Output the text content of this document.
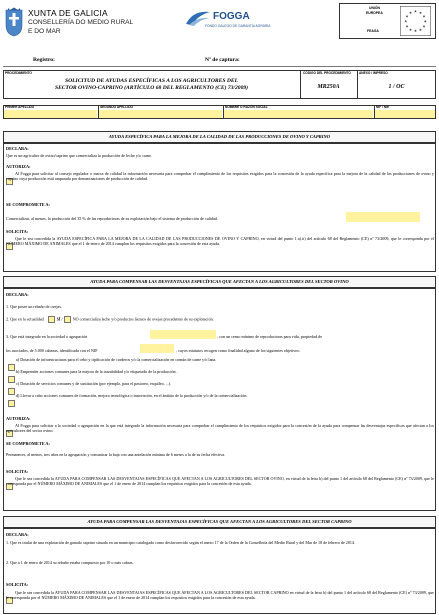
XUNTA DE GALICIA
CONSELLERÍA DO MEDIO RURAL
E DO MAR
FOGGA
FONDO GALEGO DE GARANTÍA AGRARIA
UNIÓN
EUROPEA
FEAGA
★ ★
★
★
★
★
★
★
★
★
★
★
Registro:	Nº de captura:
PROCEDIMIENTO
SOLICITUD DE AYUDAS ESPECÍFICAS A LOS AGRICULTORES DEL
SECTOR OVINO-CAPRINO (ARTÍCULO 68 DEL REGLAMENTO (CE) 73/2009)
CÓDIGO DEL PROCEDIMIENTO
MR250A
ANEXO / IMPRESO
1 / OC
PRIMER APELLIDO	SEGUNDO APELLIDO	NOMBRE O RAZÓN SOCIAL	NIF / NIE
AYUDA ESPECÍFICA PARA LA MEJORA DE LA CALIDAD DE LAS PRODUCCIONES DE OVINO Y CAPRINO
DECLARA:
Que es un agricultor de ovino/caprino que comercializa la producción de leche y/o carne.
AUTORIZA:
Al Fogga para solicitar al consejo regulador o marca de calidad la información necesaria para comprobar el cumplimiento de los requisitos exigidos para la concesión de la ayuda específica para la mejora de la calidad de las producciones de ovino y caprino cuya producción está amparada por denominaciones de producción de calidad.
SE COMPROMETE A:
Comercializar, al menos, la producción del 35 % de las reproductoras de su explotación bajo el sistema de producción de calidad.
SOLICITA:
Que le sea concedida la AYUDA ESPECÍFICA PARA LA MEJORA DE LA CALIDAD DE LAS PRODUCCIONES DE OVINO Y CAPRINO, en virtud del punto 1.a).ii) del artículo 68 del Reglamento (CE) nº 73/2009, que le corresponda por el NÚMERO MÁXIMO DE ANIMALES que el 1 de enero de 2014 cumplan los requisitos exigidos para la concesión de esta ayuda.
AYUDA PARA COMPENSAR LAS DESVENTAJAS ESPECÍFICAS QUE AFECTAN A LOS AGRICULTORES DEL SECTOR OVINO
DECLARA:
1. Que posee un rebaño de ovejas.
2. Que en la actualidad	SÍ / NO comercializa leche y/o productos lácteos de ovejas procedentes de su explotación.
3. Que está integrado en la sociedad o agrupación	, con un censo mínimo de reproductoras para vida, propiedad de
los asociados, de 5.000 cabezas, identificada con el NIF	, cuyos estatutos recogen como finalidad alguno de los siguientes objetivos:
a) Dotación de infraestructuras para el cebo y tipificación de corderos y/o la comercialización en común de carne y/o lana.
b) Emprender acciones comunes para la mejora de la trazabilidad y/o etiquetado de la producción.
c) Dotación de servicios comunes y de sustitución (por ejemplo, para el pastoreo, esquileo, ...).
d) Llevar a cabo acciones comunes de formación, mejora tecnológica o innovación, en el ámbito de la producción y/o de la comercialización.
AUTORIZA:
Al Fogga para solicitar a la sociedad o agrupación en la que está integrado la información necesaria para comprobar el cumplimiento de los requisitos exigidos para la concesión de la ayuda para compensar las desventajas específicas que afectan a los agricultores del sector ovino.
SE COMPROMETE A:
Permanecer, al menos, tres años en la agrupación y comunicar la baja con una antelación mínima de 6 meses a la de su fecha efectiva.
SOLICITA:
Que le sea concedida la AYUDA PARA COMPENSAR LAS DESVENTAJAS ESPECÍFICAS QUE AFECTAN A LOS AGRICULTORES DEL SECTOR OVINO, en virtud de la letra b) del punto 1 del artículo 68 del Reglamento (CE) nº 73/2009, que le corresponda por el NÚMERO MÁXIMO DE ANIMALES que el 1 de enero de 2014 cumplan los requisitos exigidos para la concesión de esta ayuda.
AYUDA PARA COMPENSAR LAS DESVENTAJAS ESPECÍFICAS QUE AFECTAN A LOS AGRICULTORES DEL SECTOR CAPRINO
DECLARA:
1. Que es titular de una explotación de ganado caprino situada en un municipio catalogado como desfavorecido según el anexo 17 de la Orden de la Consellería del Medio Rural y del Mar de 18 de febrero de 2014.
2. Que a 1 de enero de 2014 su rebaño estaba compuesto por 10 o más cabras.
SOLICITA:
Que le sea concedida la AYUDA PARA COMPENSAR LAS DESVENTAJAS ESPECÍFICAS QUE AFECTAN A LOS AGRICULTORES DEL SECTOR CAPRINO en virtud de la letra b) del punto 1 del artículo 68 del Reglamento (CE) nº 73/2009, que le corresponda por el NÚMERO MÁXIMO DE ANIMALES que el 1 de enero de 2014 cumplan los requisitos exigidos para la concesión de esta ayuda.
